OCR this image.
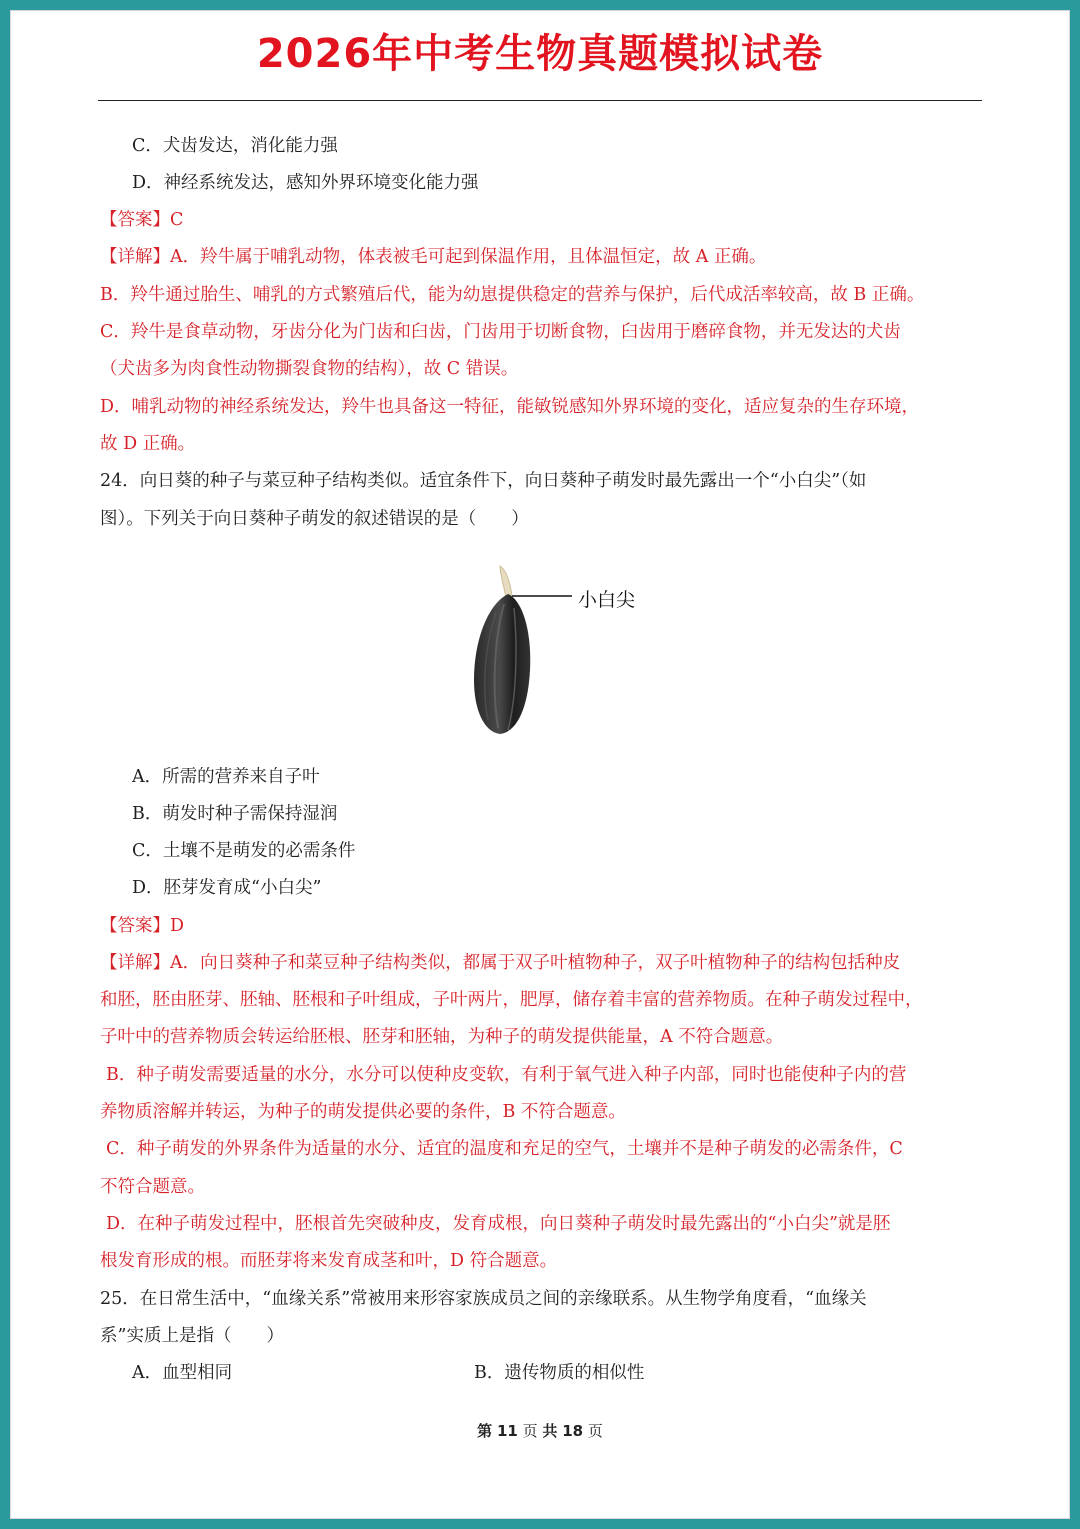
2026年中考生物真题模拟试卷
C．犬齿发达，消化能力强
D．神经系统发达，感知外界环境变化能力强
【答案】C
【详解】A．羚牛属于哺乳动物，体表被毛可起到保温作用，且体温恒定，故 A 正确。
B．羚牛通过胎生、哺乳的方式繁殖后代，能为幼崽提供稳定的营养与保护，后代成活率较高，故 B 正确。
C．羚牛是食草动物，牙齿分化为门齿和臼齿，门齿用于切断食物，臼齿用于磨碎食物，并无发达的犬齿
（犬齿多为肉食性动物撕裂食物的结构），故 C 错误。
D．哺乳动物的神经系统发达，羚牛也具备这一特征，能敏锐感知外界环境的变化，适应复杂的生存环境，
故 D 正确。
24．向日葵的种子与菜豆种子结构类似。适宜条件下，向日葵种子萌发时最先露出一个“小白尖”（如
图）。下列关于向日葵种子萌发的叙述错误的是（　　）
小白尖
A．所需的营养来自子叶
B．萌发时种子需保持湿润
C．土壤不是萌发的必需条件
D．胚芽发育成“小白尖”
【答案】D
【详解】A．向日葵种子和菜豆种子结构类似，都属于双子叶植物种子，双子叶植物种子的结构包括种皮
和胚，胚由胚芽、胚轴、胚根和子叶组成，子叶两片，肥厚，储存着丰富的营养物质。在种子萌发过程中，
子叶中的营养物质会转运给胚根、胚芽和胚轴，为种子的萌发提供能量，A 不符合题意。
B．种子萌发需要适量的水分，水分可以使种皮变软，有利于氧气进入种子内部，同时也能使种子内的营
养物质溶解并转运，为种子的萌发提供必要的条件，B 不符合题意。
C．种子萌发的外界条件为适量的水分、适宜的温度和充足的空气，土壤并不是种子萌发的必需条件，C
不符合题意。
D．在种子萌发过程中，胚根首先突破种皮，发育成根，向日葵种子萌发时最先露出的“小白尖”就是胚
根发育形成的根。而胚芽将来发育成茎和叶，D 符合题意。
25．在日常生活中，“血缘关系”常被用来形容家族成员之间的亲缘联系。从生物学角度看，“血缘关
系”实质上是指（　　）
A．血型相同	B．遗传物质的相似性
第 11 页 共 18 页
